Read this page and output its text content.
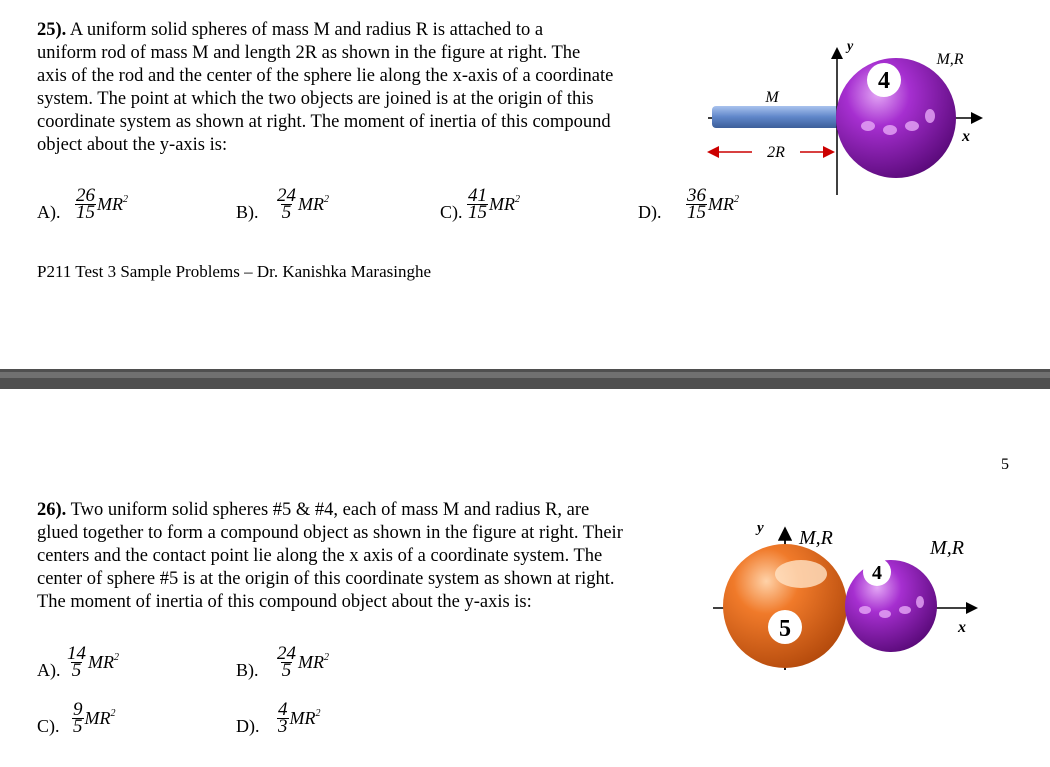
25). A uniform solid spheres of mass M and radius R is attached to a
uniform rod of mass M and length 2R as shown in the figure at right. The
axis of the rod and the center of the sphere lie along the x-axis of a coordinate
system. The point at which the two objects are joined is at the origin of this
coordinate system as shown at right. The moment of inertia of this compound
object about the y-axis is:
4
M
M,R
y
x
2R
A). $\frac{26}{15} MR^2$
B). $\frac{24}{5} MR^2$
C). $\frac{41}{15} MR^2$
D). $\frac{36}{15} MR^2$
P211 Test 3 Sample Problems – Dr. Kanishka Marasinghe
5
26). Two uniform solid spheres #5 & #4, each of mass M and radius R, are
glued together to form a compound object as shown in the figure at right. Their
centers and the contact point lie along the x axis of a coordinate system. The
center of sphere #5 is at the origin of this coordinate system as shown at right.
The moment of inertia of this compound object about the y-axis is:
5
4
y M,R	M,R
x
A). $\frac{14}{5} MR^2$
B). $\frac{24}{5} MR^2$
C). $\frac{9}{5} MR^2$
D). $\frac{4}{3} MR^2$
